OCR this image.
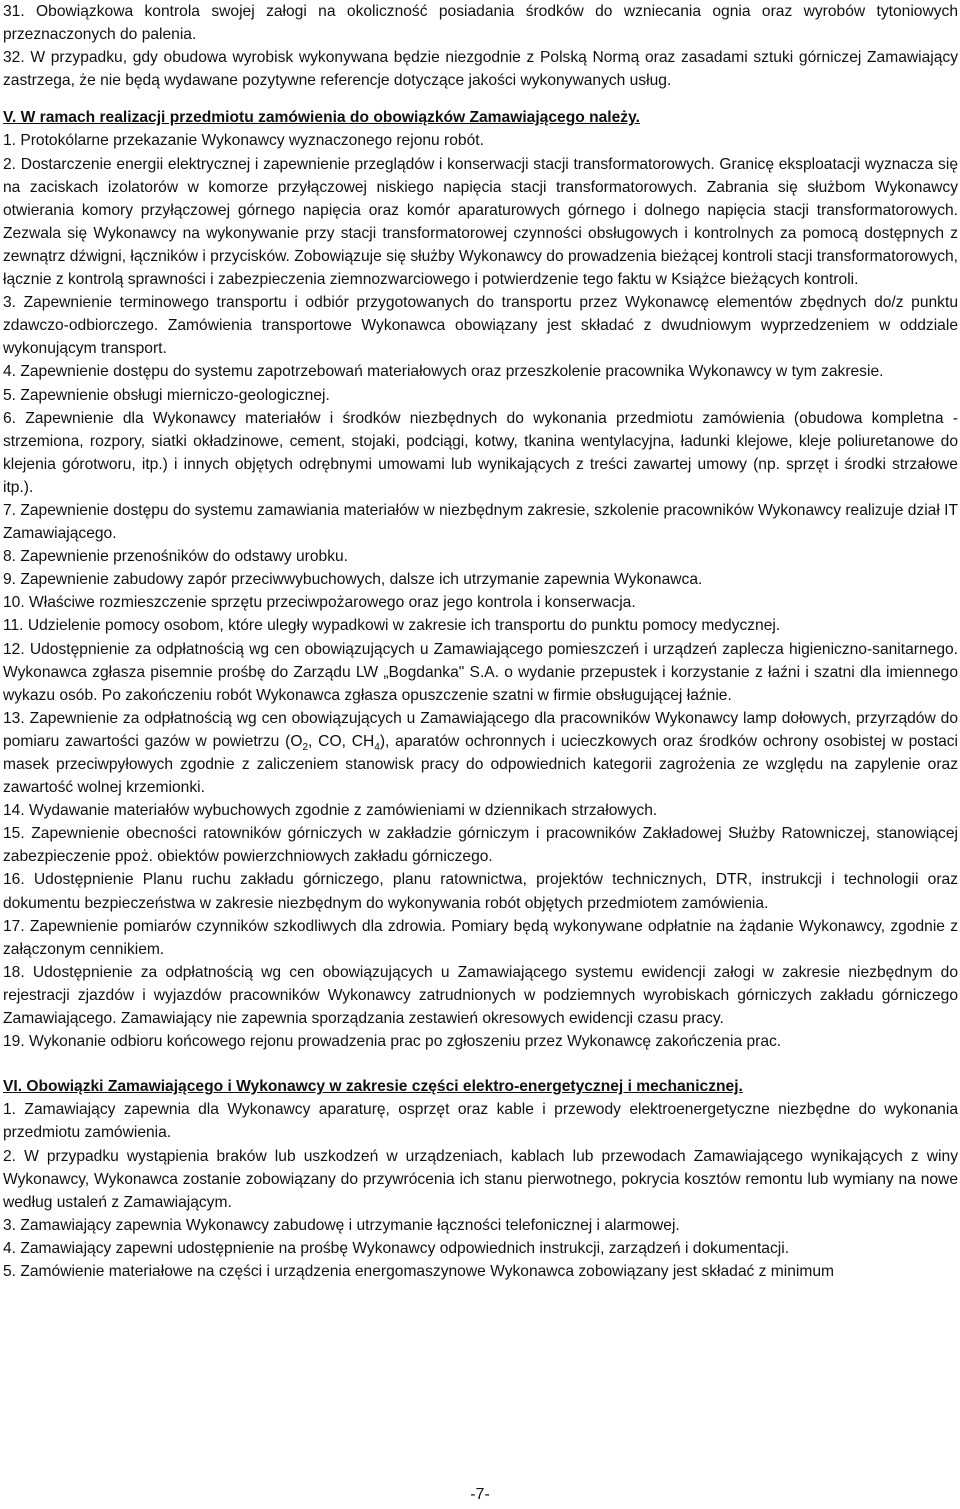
31. Obowiązkowa kontrola swojej załogi na okoliczność posiadania środków do wzniecania ognia oraz wyrobów tytoniowych przeznaczonych do palenia.

32. W przypadku, gdy obudowa wyrobisk wykonywana będzie niezgodnie z Polską Normą oraz zasadami sztuki górniczej Zamawiający zastrzega, że nie będą wydawane pozytywne referencje dotyczące jakości wykonywanych usług.

V. W ramach realizacji przedmiotu zamówienia do obowiązków Zamawiającego należy.

1. Protokólarne przekazanie Wykonawcy wyznaczonego rejonu robót.

2. Dostarczenie energii elektrycznej i zapewnienie przeglądów i konserwacji stacji transformatorowych. Granicę eksploatacji wyznacza się na zaciskach izolatorów w komorze przyłączowej niskiego napięcia stacji transformatorowych. Zabrania się służbom Wykonawcy otwierania komory przyłączowej górnego napięcia oraz komór aparaturowych górnego i dolnego napięcia stacji transformatorowych. Zezwala się Wykonawcy na wykonywanie przy stacji transformatorowej czynności obsługowych i kontrolnych za pomocą dostępnych z zewnątrz dźwigni, łączników i przycisków. Zobowiązuje się służby Wykonawcy do prowadzenia bieżącej kontroli stacji transformatorowych, łącznie z kontrolą sprawności i zabezpieczenia ziemnozwarciowego i potwierdzenie tego faktu w Książce bieżących kontroli.

3. Zapewnienie terminowego transportu i odbiór przygotowanych do transportu przez Wykonawcę elementów zbędnych do/z punktu zdawczo-odbiorczego. Zamówienia transportowe Wykonawca obowiązany jest składać z dwudniowym wyprzedzeniem w oddziale wykonującym transport.

4. Zapewnienie dostępu do systemu zapotrzebowań materiałowych oraz przeszkolenie pracownika Wykonawcy w tym zakresie.

5. Zapewnienie obsługi mierniczo-geologicznej.

6. Zapewnienie dla Wykonawcy materiałów i środków niezbędnych do wykonania przedmiotu zamówienia (obudowa kompletna - strzemiona, rozpory, siatki okładzinowe, cement, stojaki, podciągi, kotwy, tkanina wentylacyjna, ładunki klejowe, kleje poliuretanowe do klejenia górotworu, itp.) i innych objętych odrębnymi umowami lub wynikających z treści zawartej umowy (np. sprzęt i środki strzałowe itp.).

7. Zapewnienie dostępu do systemu zamawiania materiałów w niezbędnym zakresie, szkolenie pracowników Wykonawcy realizuje dział IT Zamawiającego.

8. Zapewnienie przenośników do odstawy urobku.

9. Zapewnienie zabudowy zapór przeciwwybuchowych, dalsze ich utrzymanie zapewnia Wykonawca.

10. Właściwe rozmieszczenie sprzętu przeciwpożarowego oraz jego kontrola i konserwacja.

11. Udzielenie pomocy osobom, które uległy wypadkowi w zakresie ich transportu do punktu pomocy medycznej.

12. Udostępnienie za odpłatnością wg cen obowiązujących u Zamawiającego pomieszczeń i urządzeń zaplecza higieniczno-sanitarnego. Wykonawca zgłasza pisemnie prośbę do Zarządu LW „Bogdanka" S.A. o wydanie przepustek i korzystanie z łaźni i szatni dla imiennego wykazu osób. Po zakończeniu robót Wykonawca zgłasza opuszczenie szatni w firmie obsługującej łaźnie.

13. Zapewnienie za odpłatnością wg cen obowiązujących u Zamawiającego dla pracowników Wykonawcy lamp dołowych, przyrządów do pomiaru zawartości gazów w powietrzu ($O_2$, CO, $CH_4$), aparatów ochronnych i ucieczkowych oraz środków ochrony osobistej w postaci masek przeciwpyłowych zgodnie z zaliczeniem stanowisk pracy do odpowiednich kategorii zagrożenia ze względu na zapylenie oraz zawartość wolnej krzemionki.

14. Wydawanie materiałów wybuchowych zgodnie z zamówieniami w dziennikach strzałowych.

15. Zapewnienie obecności ratowników górniczych w zakładzie górniczym i pracowników Zakładowej Służby Ratowniczej, stanowiącej zabezpieczenie ppoż. obiektów powierzchniowych zakładu górniczego.

16. Udostępnienie Planu ruchu zakładu górniczego, planu ratownictwa, projektów technicznych, DTR, instrukcji i technologii oraz dokumentu bezpieczeństwa w zakresie niezbędnym do wykonywania robót objętych przedmiotem zamówienia.

17. Zapewnienie pomiarów czynników szkodliwych dla zdrowia. Pomiary będą wykonywane odpłatnie na żądanie Wykonawcy, zgodnie z załączonym cennikiem.

18. Udostępnienie za odpłatnością wg cen obowiązujących u Zamawiającego systemu ewidencji załogi w zakresie niezbędnym do rejestracji zjazdów i wyjazdów pracowników Wykonawcy zatrudnionych w podziemnych wyrobiskach górniczych zakładu górniczego Zamawiającego. Zamawiający nie zapewnia sporządzania zestawień okresowych ewidencji czasu pracy.

19. Wykonanie odbioru końcowego rejonu prowadzenia prac po zgłoszeniu przez Wykonawcę zakończenia prac.

VI. Obowiązki Zamawiającego i Wykonawcy w zakresie części elektro-energetycznej i mechanicznej.

1. Zamawiający zapewnia dla Wykonawcy aparaturę, osprzęt oraz kable i przewody elektroenergetyczne niezbędne do wykonania przedmiotu zamówienia.

2. W przypadku wystąpienia braków lub uszkodzeń w urządzeniach, kablach lub przewodach Zamawiającego wynikających z winy Wykonawcy, Wykonawca zostanie zobowiązany do przywrócenia ich stanu pierwotnego, pokrycia kosztów remontu lub wymiany na nowe według ustaleń z Zamawiającym.

3. Zamawiający zapewnia Wykonawcy zabudowę i utrzymanie łączności telefonicznej i alarmowej.

4. Zamawiający zapewni udostępnienie na prośbę Wykonawcy odpowiednich instrukcji, zarządzeń i dokumentacji.

5. Zamówienie materiałowe na części i urządzenia energomaszynowe Wykonawca zobowiązany jest składać z minimum

-7-
